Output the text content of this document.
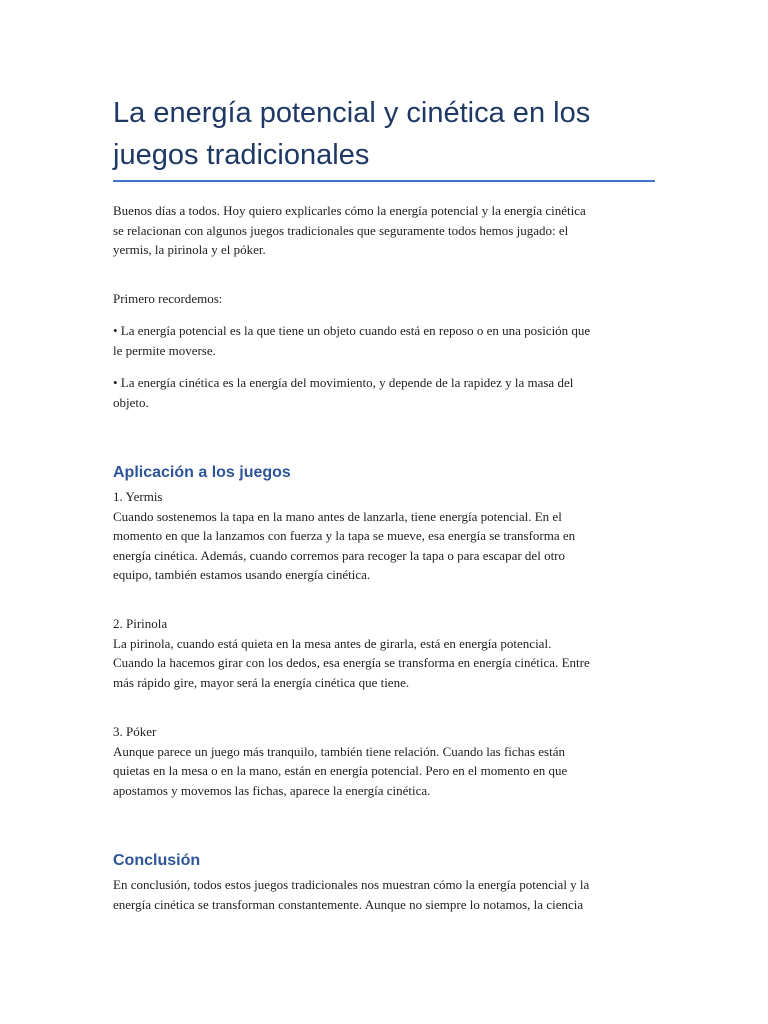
La energía potencial y cinética en los
juegos tradicionales

Buenos días a todos. Hoy quiero explicarles cómo la energía potencial y la energía cinética
se relacionan con algunos juegos tradicionales que seguramente todos hemos jugado: el
yermis, la pirinola y el póker.

Primero recordemos:

• La energía potencial es la que tiene un objeto cuando está en reposo o en una posición que
le permite moverse.

• La energía cinética es la energía del movimiento, y depende de la rapidez y la masa del
objeto.

Aplicación a los juegos

1. Yermis
Cuando sostenemos la tapa en la mano antes de lanzarla, tiene energía potencial. En el
momento en que la lanzamos con fuerza y la tapa se mueve, esa energía se transforma en
energía cinética. Además, cuando corremos para recoger la tapa o para escapar del otro
equipo, también estamos usando energía cinética.

2. Pirinola
La pirinola, cuando está quieta en la mesa antes de girarla, está en energía potencial.
Cuando la hacemos girar con los dedos, esa energía se transforma en energía cinética. Entre
más rápido gire, mayor será la energía cinética que tiene.

3. Póker
Aunque parece un juego más tranquilo, también tiene relación. Cuando las fichas están
quietas en la mesa o en la mano, están en energía potencial. Pero en el momento en que
apostamos y movemos las fichas, aparece la energía cinética.

Conclusión

En conclusión, todos estos juegos tradicionales nos muestran cómo la energía potencial y la
energía cinética se transforman constantemente. Aunque no siempre lo notamos, la ciencia
